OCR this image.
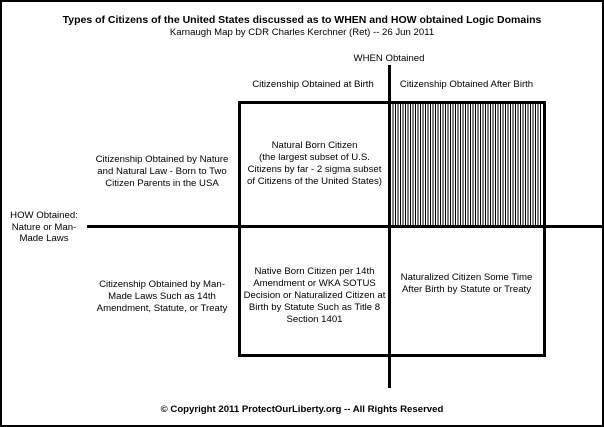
Types of Citizens of the United States discussed as to WHEN and HOW obtained Logic Domains
Karnaugh Map by CDR Charles Kerchner (Ret) -- 26 Jun 2011
WHEN Obtained
Citizenship Obtained at Birth	Citizenship Obtained After Birth
HOW Obtained:
Nature or Man-
Made Laws
Citizenship Obtained by Nature
and Natural Law - Born to Two
Citizen Parents in the USA
Citizenship Obtained by Man-
Made Laws Such as 14th
Amendment, Statute, or Treaty
Natural Born Citizen
(the largest subset of U.S.
Citizens by far - 2 sigma subset
of Citizens of the United States)
Native Born Citizen per 14th
Amendment or WKA SOTUS
Decision or Naturalized Citizen at
Birth by Statute Such as Title 8
Section 1401
Naturalized Citizen Some Time
After Birth by Statute or Treaty
© Copyright 2011 ProtectOurLiberty.org -- All Rights Reserved
